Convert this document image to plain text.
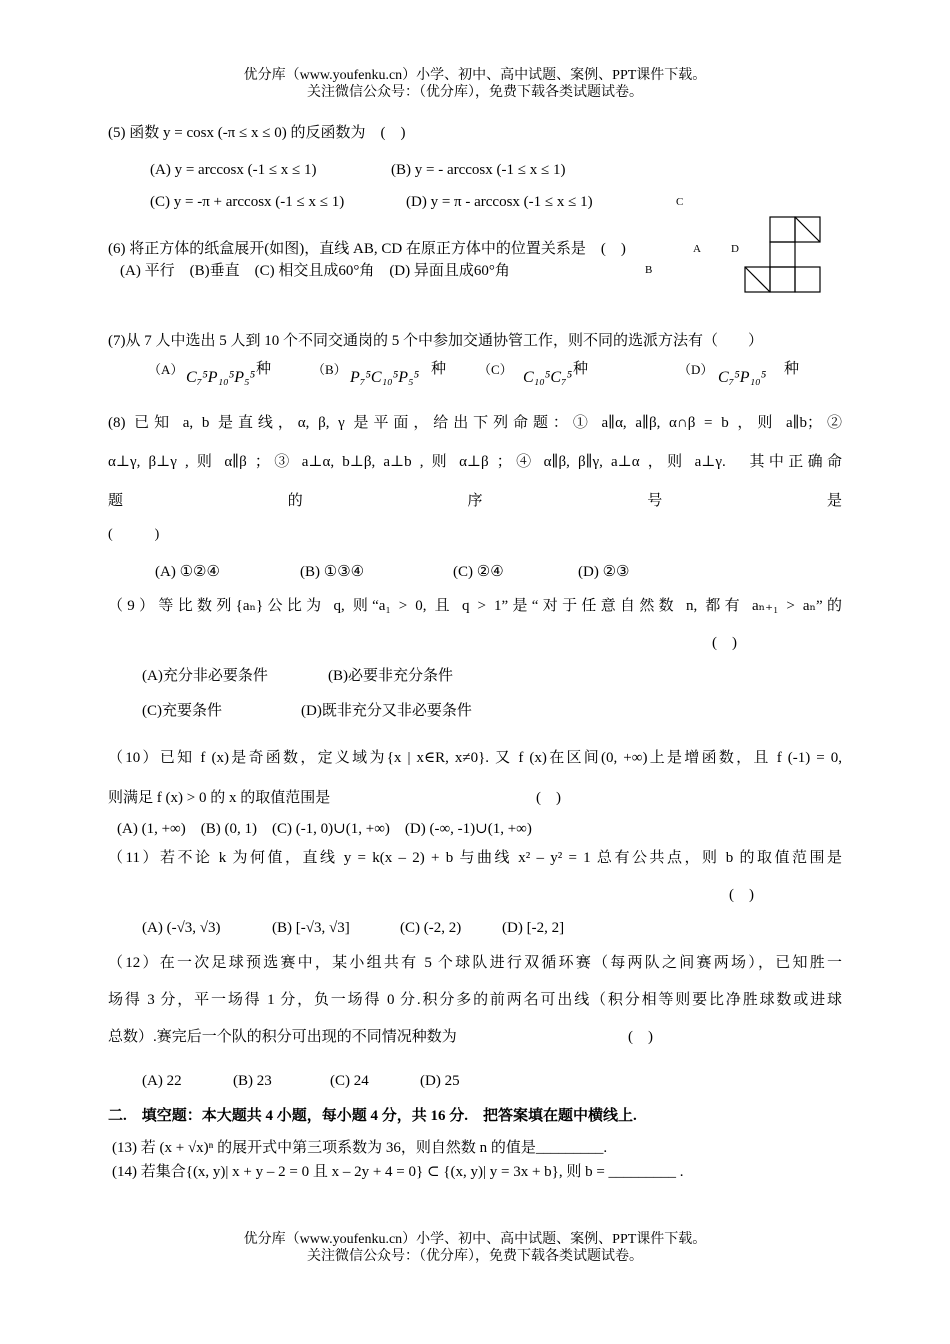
优分库（www.youfenku.cn）小学、初中、高中试题、案例、PPT课件下载。
关注微信公众号：（优分库），免费下载各类试题试卷。
(5) 函数 y = cosx (-π ≤ x ≤ 0) 的反函数为　(　)
(A) y = arccosx (-1 ≤ x ≤ 1)	(B) y = - arccosx (-1 ≤ x ≤ 1)
(C) y = -π + arccosx (-1 ≤ x ≤ 1)	(D) y = π - arccosx (-1 ≤ x ≤ 1)	C
A	D
B
(6) 将正方体的纸盒展开(如图)，直线 AB, CD 在原正方体中的位置关系是　(　)
(A) 平行　(B)垂直　(C) 相交且成60°角　(D) 异面且成60°角
(7)从 7 人中选出 5 人到 10 个不同交通岗的 5 个中参加交通协管工作，则不同的选派方法有（　　）
（A） C₇⁵P₁₀⁵P₅⁵ 种	（B） P₇⁵C₁₀⁵P₅⁵ 种 （C） C₁₀⁵C₇⁵ 种	（D） C₇⁵P₁₀⁵ 种
(8) 已知 a, b 是直线，α, β, γ 是平面，给出下列命题：① a∥α, a∥β, α∩β = b ，则 a∥b；②
α⊥γ, β⊥γ , 则 α∥β ；③ a⊥α, b⊥β, a⊥b , 则 α⊥β ；④ α∥β, β∥γ, a⊥α ，则 a⊥γ.　其中正确命
题	的	序	号	是
(　　　)
(A) ①②④	(B) ①③④	(C) ②④	(D) ②③
（9）等比数列{aₙ}公比为 q, 则“a₁ > 0, 且 q > 1”是“对于任意自然数 n, 都有 aₙ₊₁ > aₙ”的
(　)
(A)充分非必要条件	(B)必要非充分条件
(C)充要条件	(D)既非充分又非必要条件
（10）已知 f (x)是奇函数，定义域为{x | x∈R, x≠0}. 又 f (x)在区间(0, +∞)上是增函数，且 f (-1) = 0,
则满足 f (x) > 0 的 x 的取值范围是	(　)
(A) (1, +∞)　(B) (0, 1)　(C) (-1, 0)∪(1, +∞)　(D) (-∞, -1)∪(1, +∞)
（11）若不论 k 为何值，直线 y = k(x – 2) + b 与曲线 x² – y² = 1 总有公共点，则 b 的取值范围是
(　)
(A) (-√3, √3)	(B) [-√3, √3]	(C) (-2, 2)	(D) [-2, 2]
（12）在一次足球预选赛中，某小组共有 5 个球队进行双循环赛（每两队之间赛两场），已知胜一
场得 3 分，平一场得 1 分，负一场得 0 分.积分多的前两名可出线（积分相等则要比净胜球数或进球
总数）.赛完后一个队的积分可出现的不同情况种数为	(　)
(A) 22	(B) 23	(C) 24	(D) 25
二.　填空题：本大题共 4 小题，每小题 4 分，共 16 分.　把答案填在题中横线上.
(13) 若 (x + √x)ⁿ 的展开式中第三项系数为 36，则自然数 n 的值是_________.
(14) 若集合{(x, y)| x + y – 2 = 0 且 x – 2y + 4 = 0} ⊂ {(x, y)| y = 3x + b}, 则 b = _________ .
优分库（www.youfenku.cn）小学、初中、高中试题、案例、PPT课件下载。
关注微信公众号：（优分库），免费下载各类试题试卷。
